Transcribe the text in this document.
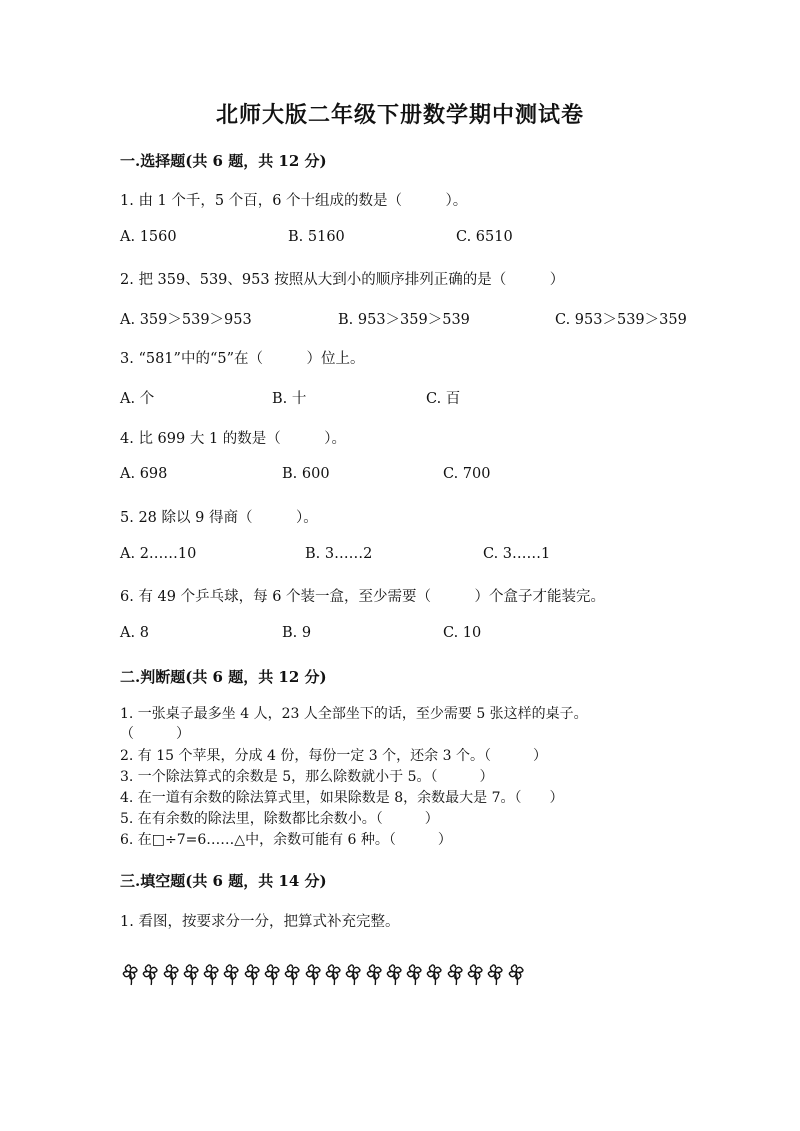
北师大版二年级下册数学期中测试卷
一.选择题(共 6 题，共 12 分)
1. 由 1 个千，5 个百，6 个十组成的数是（　　　）。
A. 1560	B. 5160	C. 6510
2. 把 359、539、953 按照从大到小的顺序排列正确的是（　　　）
A. 359＞539＞953	B. 953＞359＞539	C. 953＞539＞359
3. “581”中的“5”在（　　　）位上。
A. 个	B. 十	C. 百
4. 比 699 大 1 的数是（　　　）。
A. 698	B. 600	C. 700
5. 28 除以 9 得商（　　　）。
A. 2……10	B. 3……2	C. 3……1
6. 有 49 个乒乓球，每 6 个装一盒，至少需要（　　　）个盒子才能装完。
A. 8	B. 9	C. 10
二.判断题(共 6 题，共 12 分)
1. 一张桌子最多坐 4 人，23 人全部坐下的话，至少需要 5 张这样的桌子。
（　　　）
2. 有 15 个苹果，分成 4 份，每份一定 3 个，还余 3 个。（　　　）
3. 一个除法算式的余数是 5，那么除数就小于 5。（　　　）
4. 在一道有余数的除法算式里，如果除数是 8，余数最大是 7。（　　）
5. 在有余数的除法里，除数都比余数小。（　　　）
6. 在□÷7=6……△中，余数可能有 6 种。（　　　）
三.填空题(共 6 题，共 14 分)
1. 看图，按要求分一分，把算式补充完整。
